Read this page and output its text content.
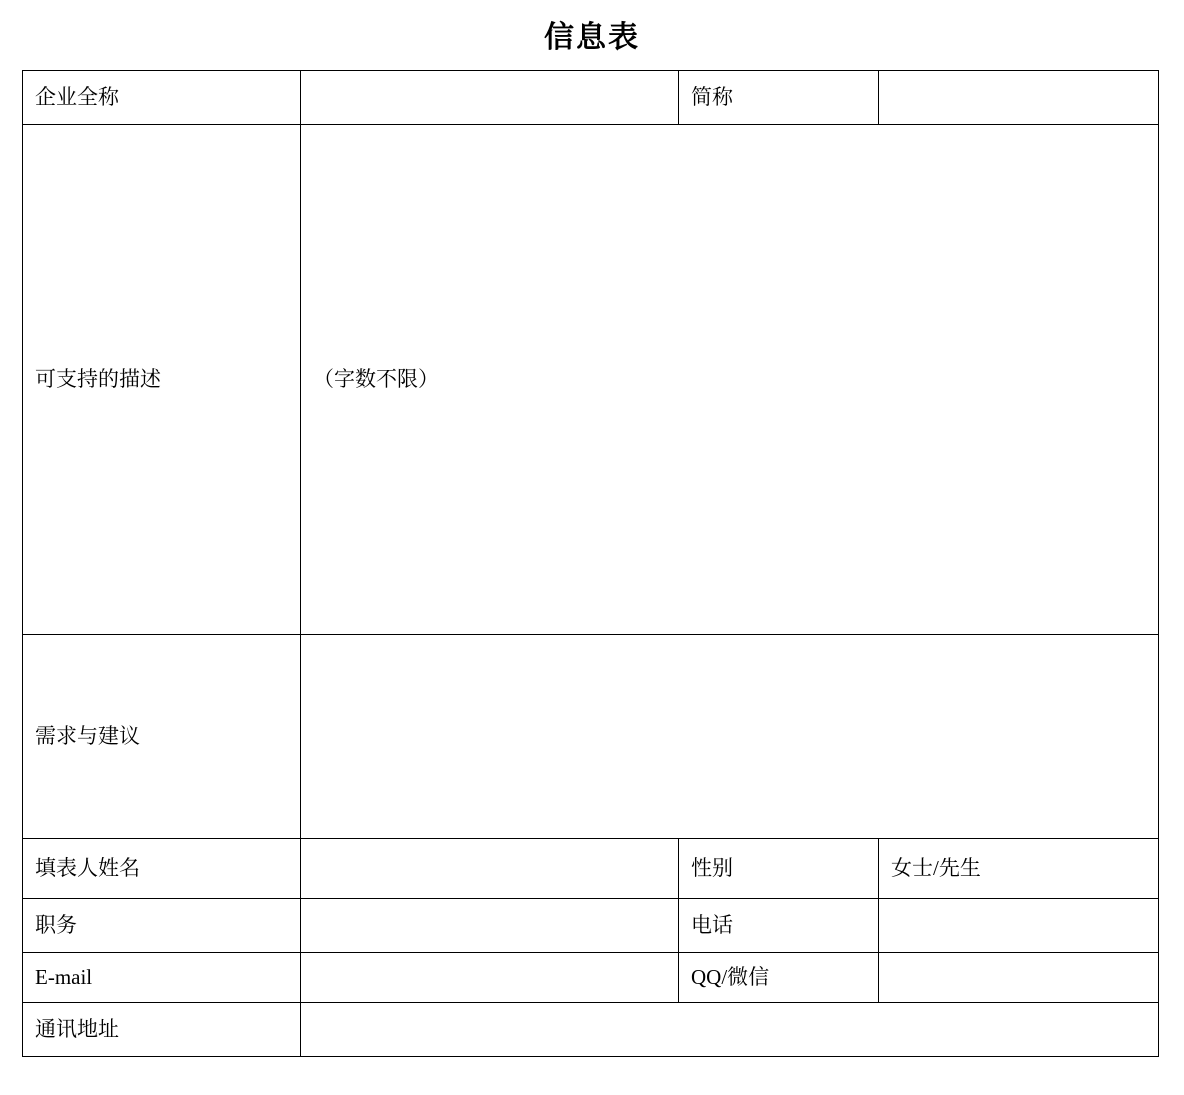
信息表
企业全称		简称	
可支持的描述	（字数不限）		
需求与建议			
填表人姓名		性别	女士/先生
职务		电话	
E-mail		QQ/微信	
通讯地址			
